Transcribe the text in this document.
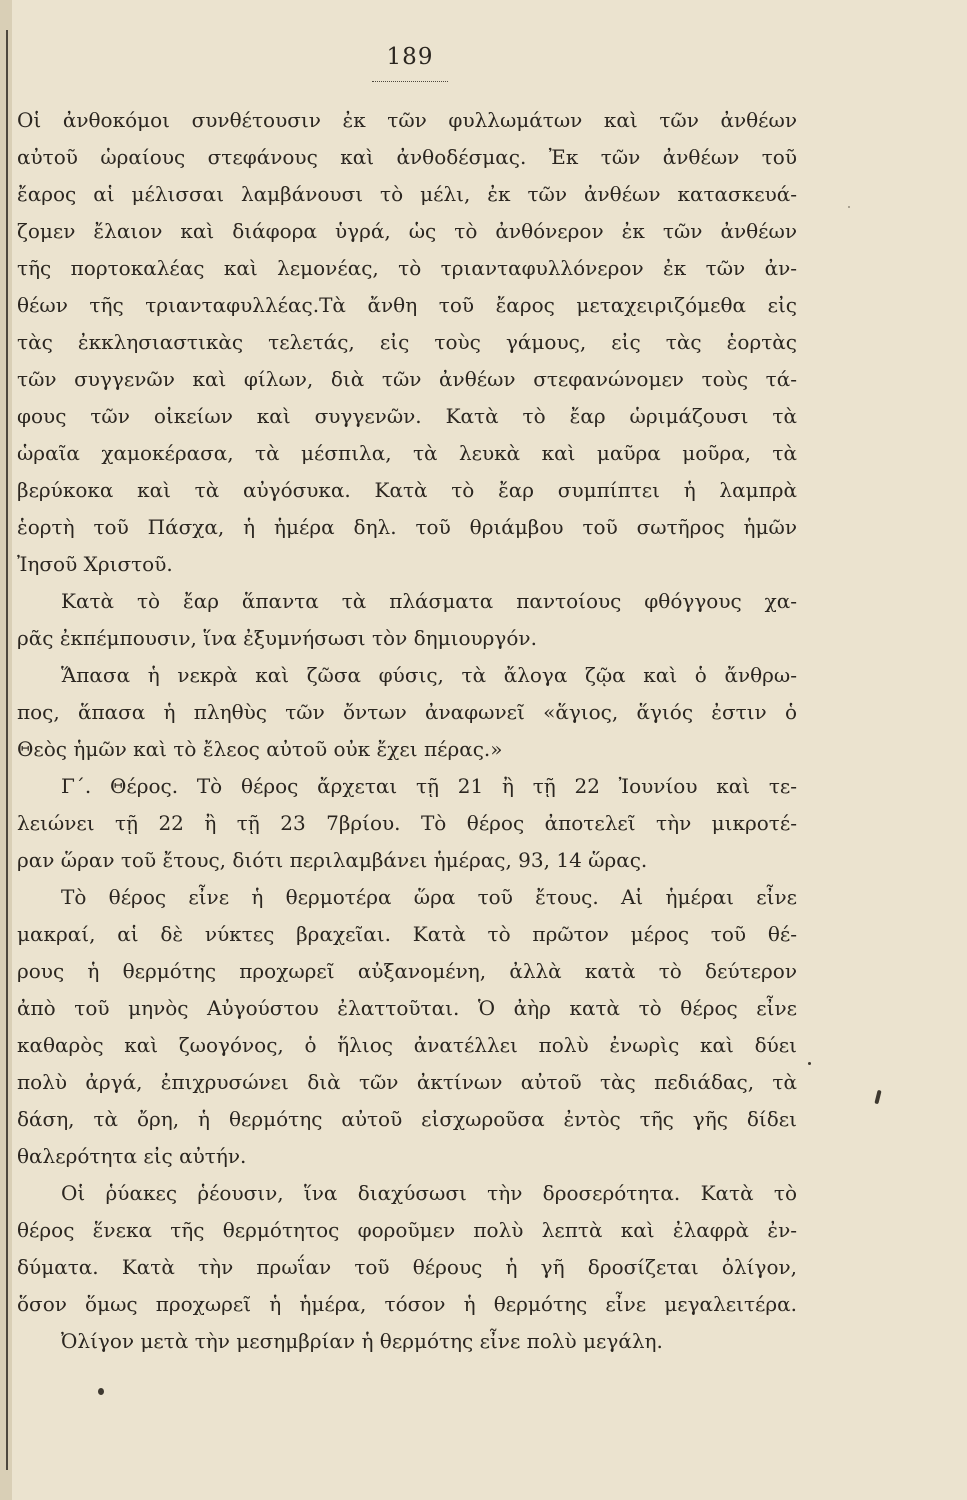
189
Οἱ ἀνθοκόμοι συνθέτουσιν ἐκ τῶν φυλλωμάτων καὶ τῶν ἀνθέων
αὐτοῦ ὡραίους στεφάνους καὶ ἀνθοδέσμας. Ἐκ τῶν ἀνθέων τοῦ
ἔαρος αἱ μέλισσαι λαμβάνουσι τὸ μέλι, ἐκ τῶν ἀνθέων κατασκευά-
ζομεν ἔλαιον καὶ διάφορα ὑγρά, ὡς τὸ ἀνθόνερον ἐκ τῶν ἀνθέων
τῆς πορτοκαλέας καὶ λεμονέας, τὸ τριανταφυλλόνερον ἐκ τῶν ἀν-
θέων τῆς τριανταφυλλέας.Τὰ ἄνθη τοῦ ἔαρος μεταχειριζόμεθα εἰς
τὰς ἐκκλησιαστικὰς τελετάς, εἰς τοὺς γάμους, εἰς τὰς ἑορτὰς
τῶν συγγενῶν καὶ φίλων, διὰ τῶν ἀνθέων στεφανώνομεν τοὺς τά-
φους τῶν οἰκείων καὶ συγγενῶν. Κατὰ τὸ ἔαρ ὡριμάζουσι τὰ
ὡραῖα χαμοκέρασα, τὰ μέσπιλα, τὰ λευκὰ καὶ μαῦρα μοῦρα, τὰ
βερύκοκα καὶ τὰ αὐγόσυκα. Κατὰ τὸ ἔαρ συμπίπτει ἡ λαμπρὰ
ἑορτὴ τοῦ Πάσχα, ἡ ἡμέρα δηλ. τοῦ θριάμβου τοῦ σωτῆρος ἡμῶν
Ἰησοῦ Χριστοῦ.
Κατὰ τὸ ἔαρ ἅπαντα τὰ πλάσματα παντοίους φθόγγους χα-
ρᾶς ἐκπέμπουσιν, ἵνα ἐξυμνήσωσι τὸν δημιουργόν.
Ἅπασα ἡ νεκρὰ καὶ ζῶσα φύσις, τὰ ἄλογα ζῷα καὶ ὁ ἄνθρω-
πος, ἅπασα ἡ πληθὺς τῶν ὄντων ἀναφωνεῖ «ἅγιος, ἅγιός ἐστιν ὁ
Θεὸς ἡμῶν καὶ τὸ ἔλεος αὐτοῦ οὐκ ἔχει πέρας.»
Γ΄. Θέρος. Τὸ θέρος ἄρχεται τῇ 21 ἢ τῇ 22 Ἰουνίου καὶ τε-
λειώνει τῇ 22 ἢ τῇ 23 7βρίου. Τὸ θέρος ἀποτελεῖ τὴν μικροτέ-
ραν ὥραν τοῦ ἔτους, διότι περιλαμβάνει ἡμέρας, 93, 14 ὥρας.
Τὸ θέρος εἶνε ἡ θερμοτέρα ὥρα τοῦ ἔτους. Αἱ ἡμέραι εἶνε
μακραί, αἱ δὲ νύκτες βραχεῖαι. Κατὰ τὸ πρῶτον μέρος τοῦ θέ-
ρους ἡ θερμότης προχωρεῖ αὐξανομένη, ἀλλὰ κατὰ τὸ δεύτερον
ἀπὸ τοῦ μηνὸς Αὐγούστου ἐλαττοῦται. Ὁ ἀὴρ κατὰ τὸ θέρος εἶνε
καθαρὸς καὶ ζωογόνος, ὁ ἥλιος ἀνατέλλει πολὺ ἐνωρὶς καὶ δύει
πολὺ ἀργά, ἐπιχρυσώνει διὰ τῶν ἀκτίνων αὐτοῦ τὰς πεδιάδας, τὰ
δάση, τὰ ὄρη, ἡ θερμότης αὐτοῦ εἰσχωροῦσα ἐντὸς τῆς γῆς δίδει
θαλερότητα εἰς αὐτήν.
Οἱ ῥύακες ῥέουσιν, ἵνα διαχύσωσι τὴν δροσερότητα. Κατὰ τὸ
θέρος ἕνεκα τῆς θερμότητος φοροῦμεν πολὺ λεπτὰ καὶ ἐλαφρὰ ἐν-
δύματα. Κατὰ τὴν πρωΐαν τοῦ θέρους ἡ γῆ δροσίζεται ὀλίγον,
ὅσον ὅμως προχωρεῖ ἡ ἡμέρα, τόσον ἡ θερμότης εἶνε μεγαλειτέρα.
Ὀλίγον μετὰ τὴν μεσημβρίαν ἡ θερμότης εἶνε πολὺ μεγάλη.
